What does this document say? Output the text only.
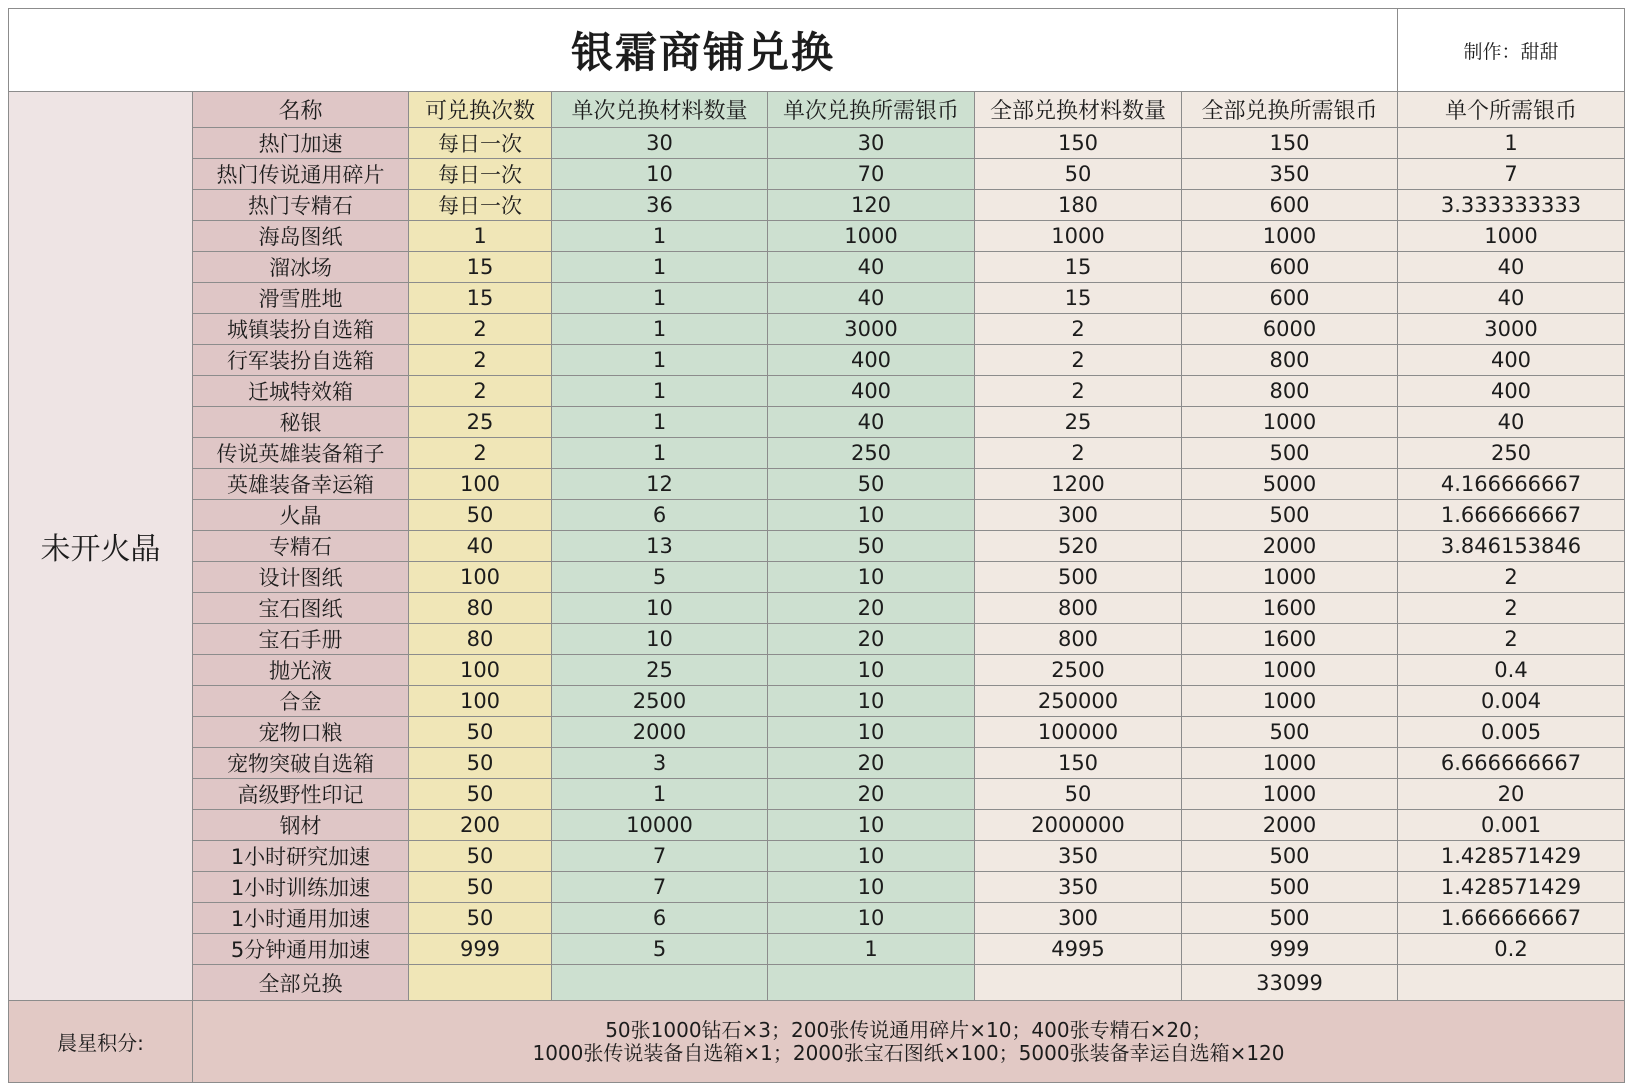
银霜商铺兑换							制作：甜甜
未开火晶	名称	可兑换次数	单次兑换材料数量	单次兑换所需银币	全部兑换材料数量	全部兑换所需银币	单个所需银币
	热门加速	每日一次	30	30	150	150	1
	热门传说通用碎片	每日一次	10	70	50	350	7
	热门专精石	每日一次	36	120	180	600	3.333333333
	海岛图纸	1	1	1000	1000	1000	1000
	溜冰场	15	1	40	15	600	40
	滑雪胜地	15	1	40	15	600	40
	城镇装扮自选箱	2	1	3000	2	6000	3000
	行军装扮自选箱	2	1	400	2	800	400
	迁城特效箱	2	1	400	2	800	400
	秘银	25	1	40	25	1000	40
	传说英雄装备箱子	2	1	250	2	500	250
	英雄装备幸运箱	100	12	50	1200	5000	4.166666667
	火晶	50	6	10	300	500	1.666666667
	专精石	40	13	50	520	2000	3.846153846
	设计图纸	100	5	10	500	1000	2
	宝石图纸	80	10	20	800	1600	2
	宝石手册	80	10	20	800	1600	2
	抛光液	100	25	10	2500	1000	0.4
	合金	100	2500	10	250000	1000	0.004
	宠物口粮	50	2000	10	100000	500	0.005
	宠物突破自选箱	50	3	20	150	1000	6.666666667
	高级野性印记	50	1	20	50	1000	20
	钢材	200	10000	10	2000000	2000	0.001
	1小时研究加速	50	7	10	350	500	1.428571429
	1小时训练加速	50	7	10	350	500	1.428571429
	1小时通用加速	50	6	10	300	500	1.666666667
	5分钟通用加速	999	5	1	4995	999	0.2
	全部兑换					33099	
晨星积分:	50张1000钻石×3；200张传说通用碎片×10；400张专精石×20；
1000张传说装备自选箱×1；2000张宝石图纸×100；5000张装备幸运自选箱×120						
